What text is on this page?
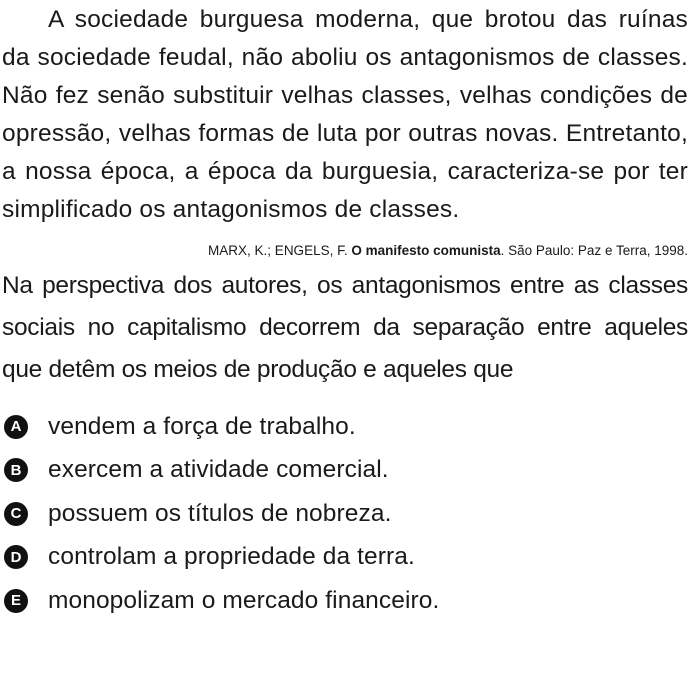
A sociedade burguesa moderna, que brotou das ruínas da sociedade feudal, não aboliu os antagonismos de classes. Não fez senão substituir velhas classes, velhas condições de opressão, velhas formas de luta por outras novas. Entretanto, a nossa época, a época da burguesia, caracteriza-se por ter simplificado os antagonismos de classes.

MARX, K.; ENGELS, F. O manifesto comunista. São Paulo: Paz e Terra, 1998.

Na perspectiva dos autores, os antagonismos entre as classes sociais no capitalismo decorrem da separação entre aqueles que detêm os meios de produção e aqueles que

A vendem a força de trabalho.
B exercem a atividade comercial.
C possuem os títulos de nobreza.
D controlam a propriedade da terra.
E monopolizam o mercado financeiro.
